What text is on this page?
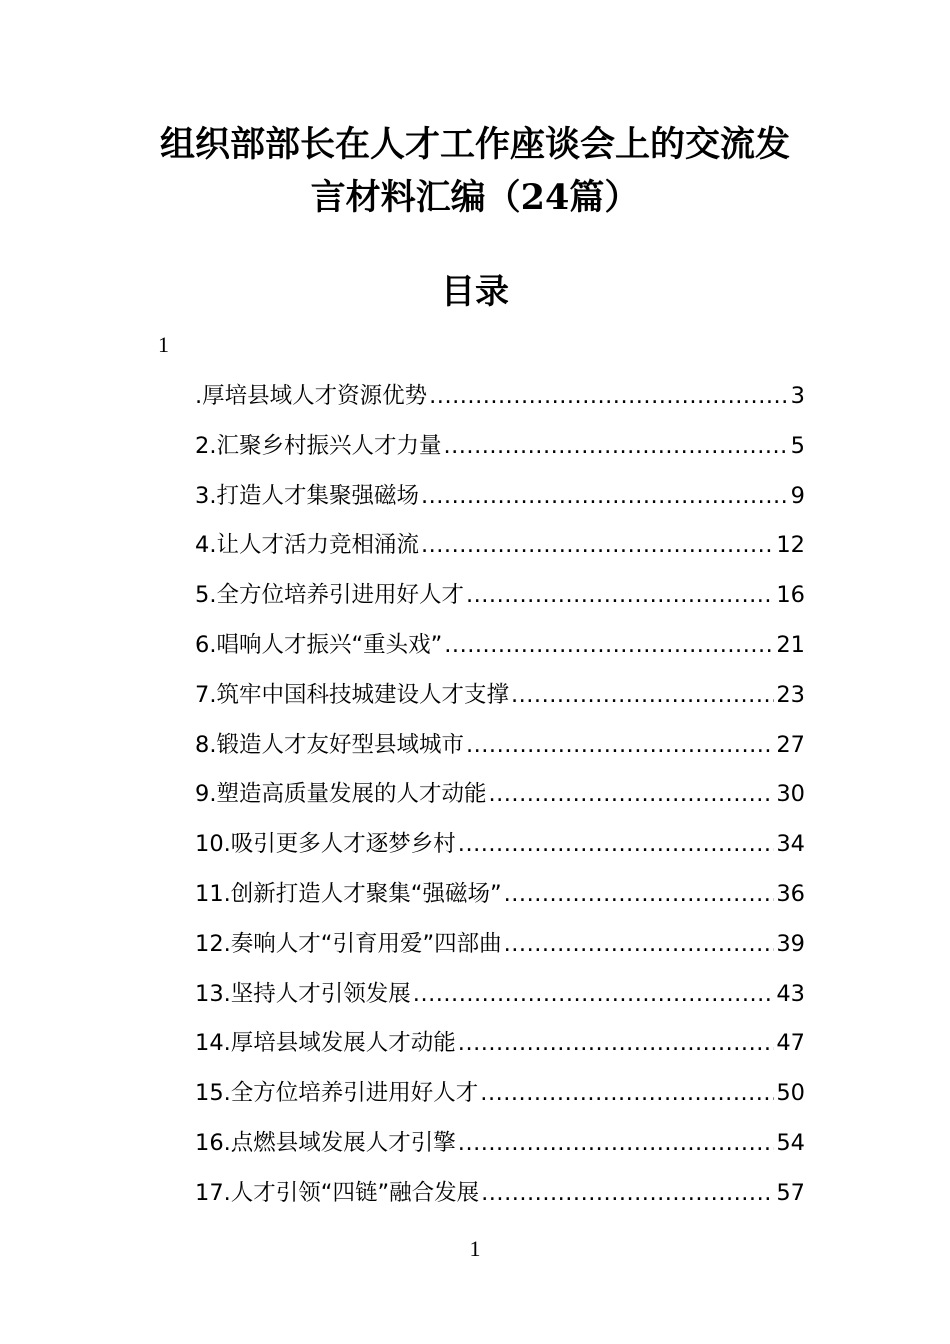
组织部部长在人才工作座谈会上的交流发
言材料汇编（24篇）
目录
1
.厚培县域人才资源优势 .....	3
2.汇聚乡村振兴人才力量 .....	5
3.打造人才集聚强磁场 .....	9
4.让人才活力竞相涌流 .....	12
5.全方位培养引进用好人才 .....	16
6.唱响人才振兴“重头戏” .....	21
7.筑牢中国科技城建设人才支撑 .....	23
8.锻造人才友好型县域城市 .....	27
9.塑造高质量发展的人才动能 .....	30
10.吸引更多人才逐梦乡村 .....	34
11.创新打造人才聚集“强磁场” .....	36
12.奏响人才“引育用爱”四部曲 .....	39
13.坚持人才引领发展 .....	43
14.厚培县域发展人才动能 .....	47
15.全方位培养引进用好人才 .....	50
16.点燃县域发展人才引擎 .....	54
17.人才引领“四链”融合发展 .....	57
1
